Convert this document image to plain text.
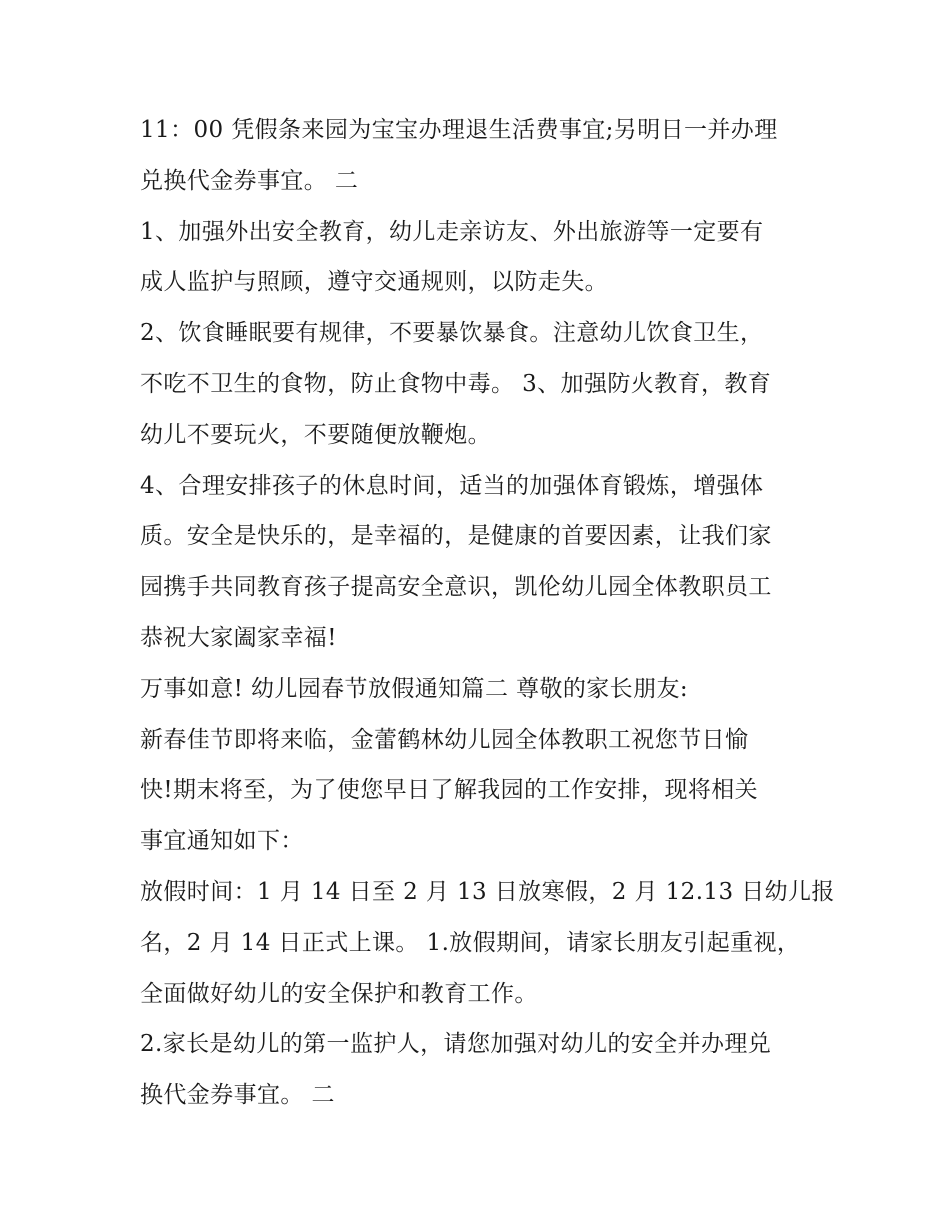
11：00 凭假条来园为宝宝办理退生活费事宜;另明日一并办理
兑换代金券事宜。 二
1、加强外出安全教育，幼儿走亲访友、外出旅游等一定要有
成人监护与照顾，遵守交通规则，以防走失。
2、饮食睡眠要有规律，不要暴饮暴食。注意幼儿饮食卫生，
不吃不卫生的食物，防止食物中毒。 3、加强防火教育，教育
幼儿不要玩火，不要随便放鞭炮。
4、合理安排孩子的休息时间，适当的加强体育锻炼，增强体
质。安全是快乐的，是幸福的，是健康的首要因素，让我们家
园携手共同教育孩子提高安全意识，凯伦幼儿园全体教职员工
恭祝大家阖家幸福!
万事如意! 幼儿园春节放假通知篇二 尊敬的家长朋友:
新春佳节即将来临，金蕾鹤林幼儿园全体教职工祝您节日愉
快!期末将至，为了使您早日了解我园的工作安排，现将相关
事宜通知如下：
放假时间：1 月 14 日至 2 月 13 日放寒假，2 月 12.13 日幼儿报
名，2 月 14 日正式上课。 1.放假期间，请家长朋友引起重视，
全面做好幼儿的安全保护和教育工作。
2.家长是幼儿的第一监护人，请您加强对幼儿的安全并办理兑
换代金券事宜。 二
